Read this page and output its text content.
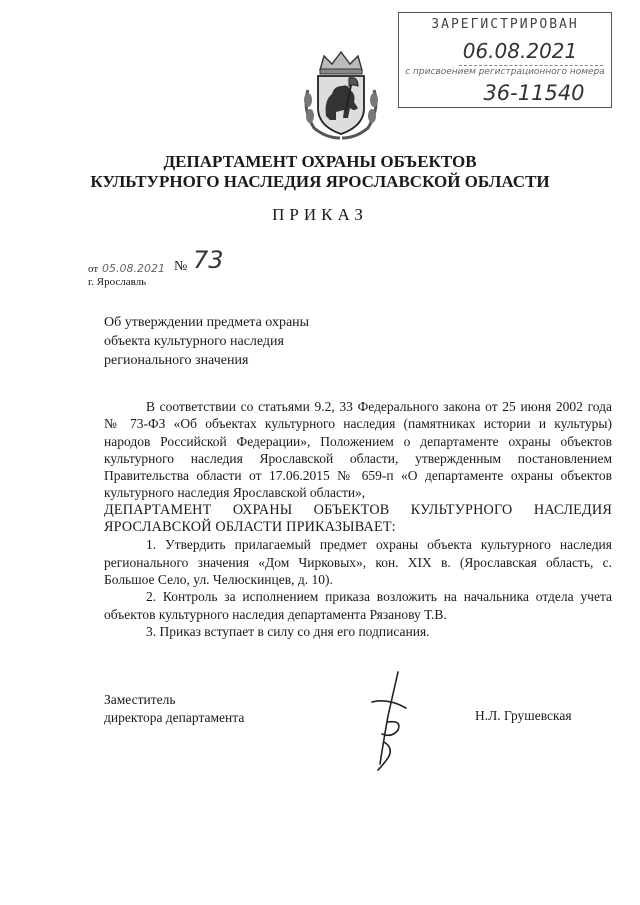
ЗАРЕГИСТРИРОВАН
06.08.2021
с присвоением регистрационного номера
36-11540
ДЕПАРТАМЕНТ ОХРАНЫ ОБЪЕКТОВ
КУЛЬТУРНОГО НАСЛЕДИЯ ЯРОСЛАВСКОЙ ОБЛАСТИ
ПРИКАЗ
от 05.08.2021 № 73
г. Ярославль
Об утверждении предмета охраны
объекта культурного наследия
регионального значения

В соответствии со статьями 9.2, 33 Федерального закона от 25 июня 2002 года № 73-ФЗ «Об объектах культурного наследия (памятниках истории и культуры) народов Российской Федерации», Положением о департаменте охраны объектов культурного наследия Ярославской области, утвержденным постановлением Правительства области от 17.06.2015 № 659-п «О департаменте охраны объектов культурного наследия Ярославской области»,

ДЕПАРТАМЕНТ ОХРАНЫ ОБЪЕКТОВ КУЛЬТУРНОГО НАСЛЕДИЯ ЯРОСЛАВСКОЙ ОБЛАСТИ ПРИКАЗЫВАЕТ:

1. Утвердить прилагаемый предмет охраны объекта культурного наследия регионального значения «Дом Чирковых», кон. XIX в. (Ярославская область, с. Большое Село, ул. Челюскинцев, д. 10).

2. Контроль за исполнением приказа возложить на начальника отдела учета объектов культурного наследия департамента Рязанову Т.В.

3. Приказ вступает в силу со дня его подписания.

Заместитель
директора департамента	Н.Л. Грушевская
